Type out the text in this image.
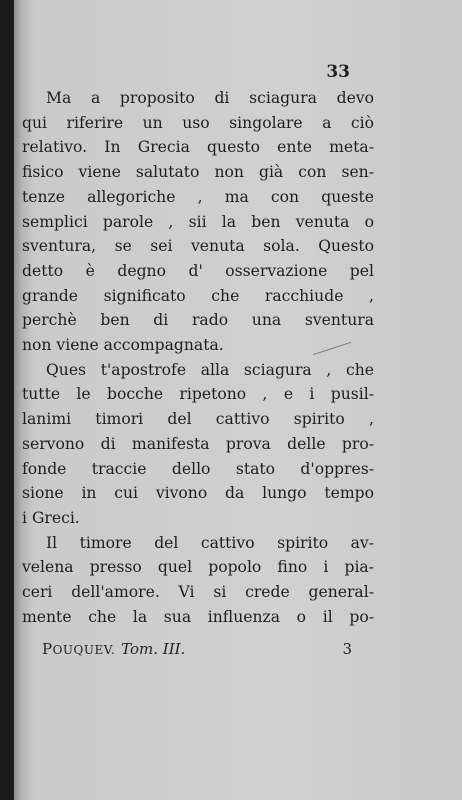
33

Ma a proposito di sciagura devo
qui riferire un uso singolare a ciò
relativo. In Grecia questo ente meta-
fisico viene salutato non già con sen-
tenze allegoriche , ma con queste
semplici parole , sii la ben venuta o
sventura, se sei venuta sola. Questo
detto è degno d' osservazione pel
grande significato che racchiude ,
perchè ben di rado una sventura
non viene accompagnata.

Ques t'apostrofe alla sciagura , che
tutte le bocche ripetono , e i pusil-
lanimi timori del cattivo spirito ,
servono di manifesta prova delle pro-
fonde traccie dello stato d'oppres-
sione in cui vivono da lungo tempo
i Greci.

Il timore del cattivo spirito av-
velena presso quel popolo fino i pia-
ceri dell'amore. Vi si crede general-
mente che la sua influenza o il po-

POUQUEV. Tom. III.	3
